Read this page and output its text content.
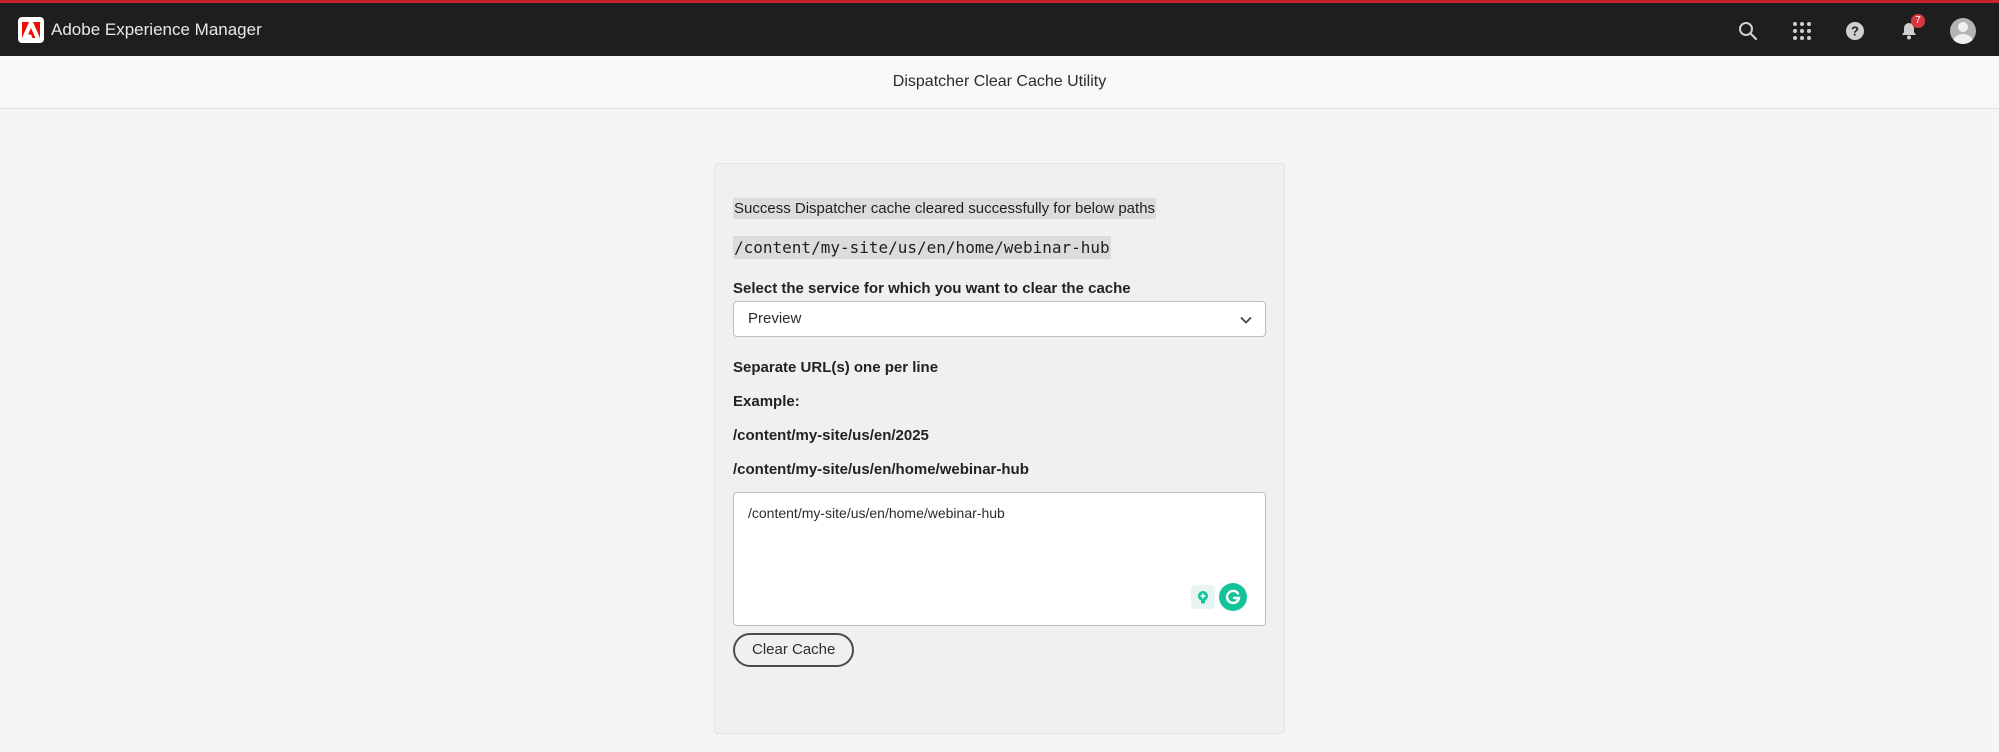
Adobe Experience Manager	?
7
Dispatcher Clear Cache Utility
Success Dispatcher cache cleared successfully for below paths
/content/my-site/us/en/home/webinar-hub
Select the service for which you want to clear the cache
Preview
Separate URL(s) one per line
Example:
/content/my-site/us/en/2025
/content/my-site/us/en/home/webinar-hub
/content/my-site/us/en/home/webinar-hub
Clear Cache
